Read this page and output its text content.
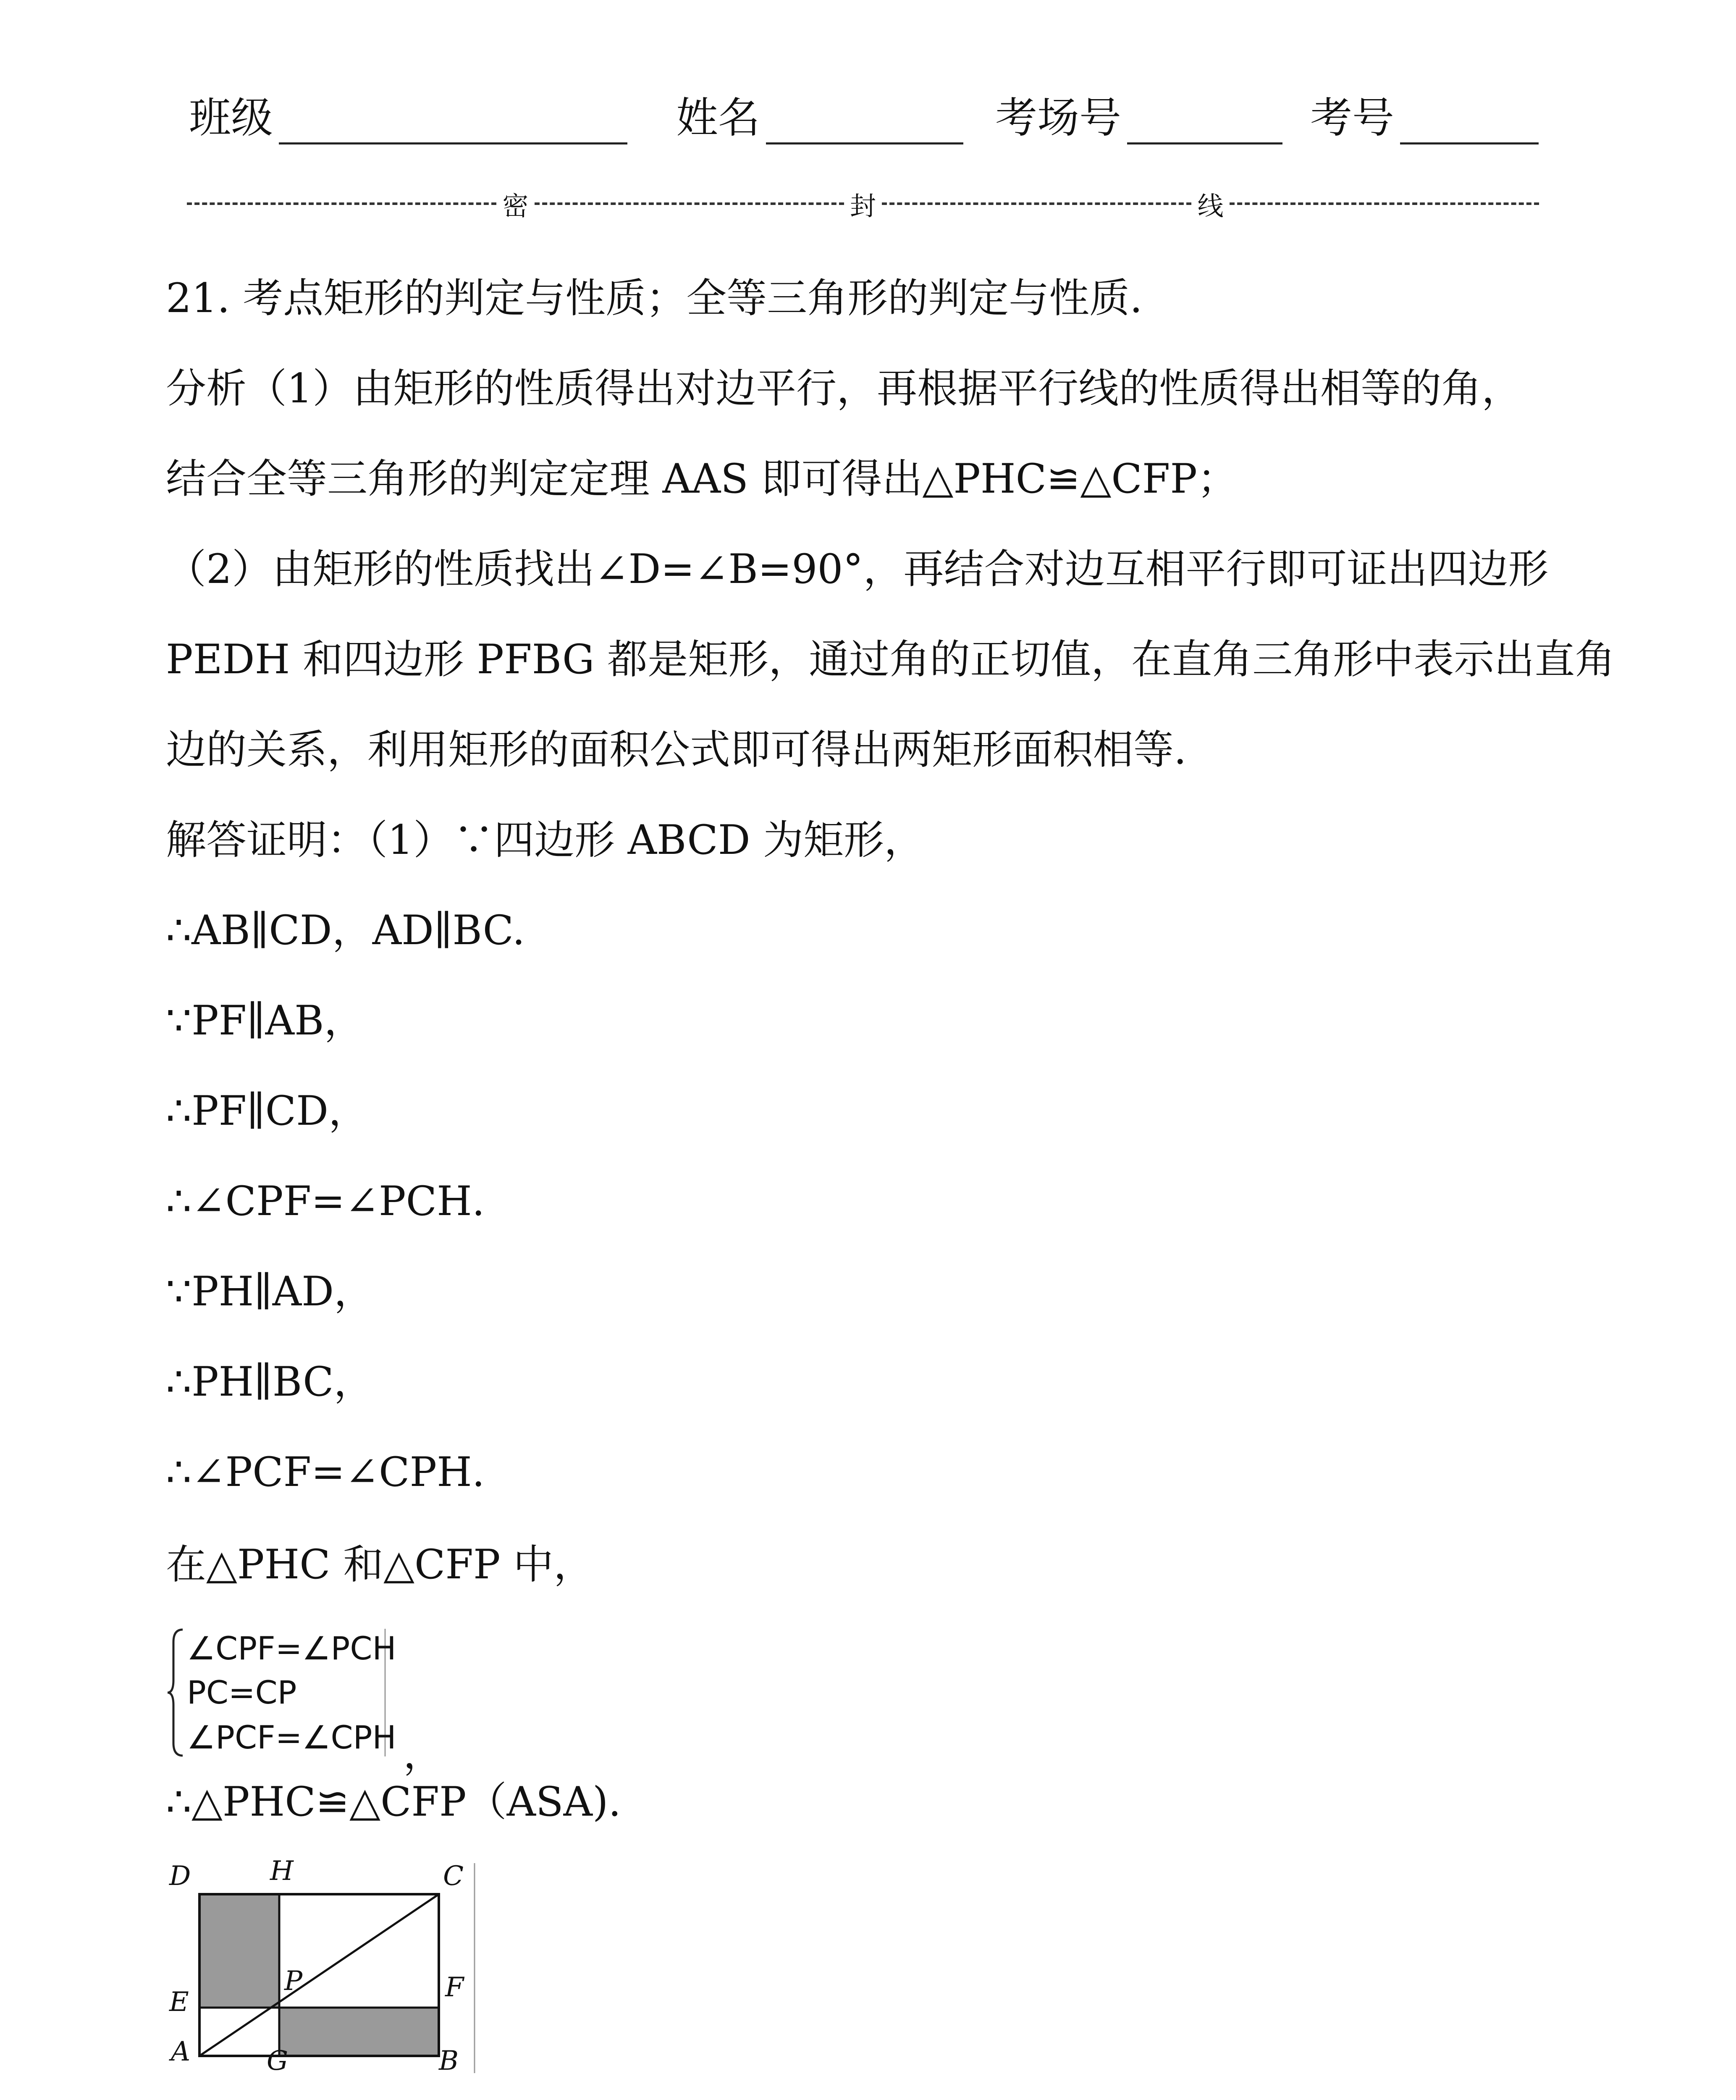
班级	姓名	考场号	考号
密	封	线
21. 考点矩形的判定与性质；全等三角形的判定与性质.
分析（1）由矩形的性质得出对边平行，再根据平行线的性质得出相等的角，
结合全等三角形的判定定理 AAS 即可得出△PHC≌△CFP；
（2）由矩形的性质找出∠D=∠B=90°，再结合对边互相平行即可证出四边形
PEDH 和四边形 PFBG 都是矩形，通过角的正切值，在直角三角形中表示出直角
边的关系，利用矩形的面积公式即可得出两矩形面积相等.
解答证明：（1）∵四边形 ABCD 为矩形，
∴AB∥CD，AD∥BC.
∵PF∥AB，
∴PF∥CD，
∴∠CPF=∠PCH.
∵PH∥AD，
∴PH∥BC，
∴∠PCF=∠CPH.
在△PHC 和△CFP 中，
∠CPF=∠PCH
PC=CP
∠PCF=∠CPH ，
∴△PHC≌△CFP（ASA).
D	H	C
P
E	F
A	G	B
